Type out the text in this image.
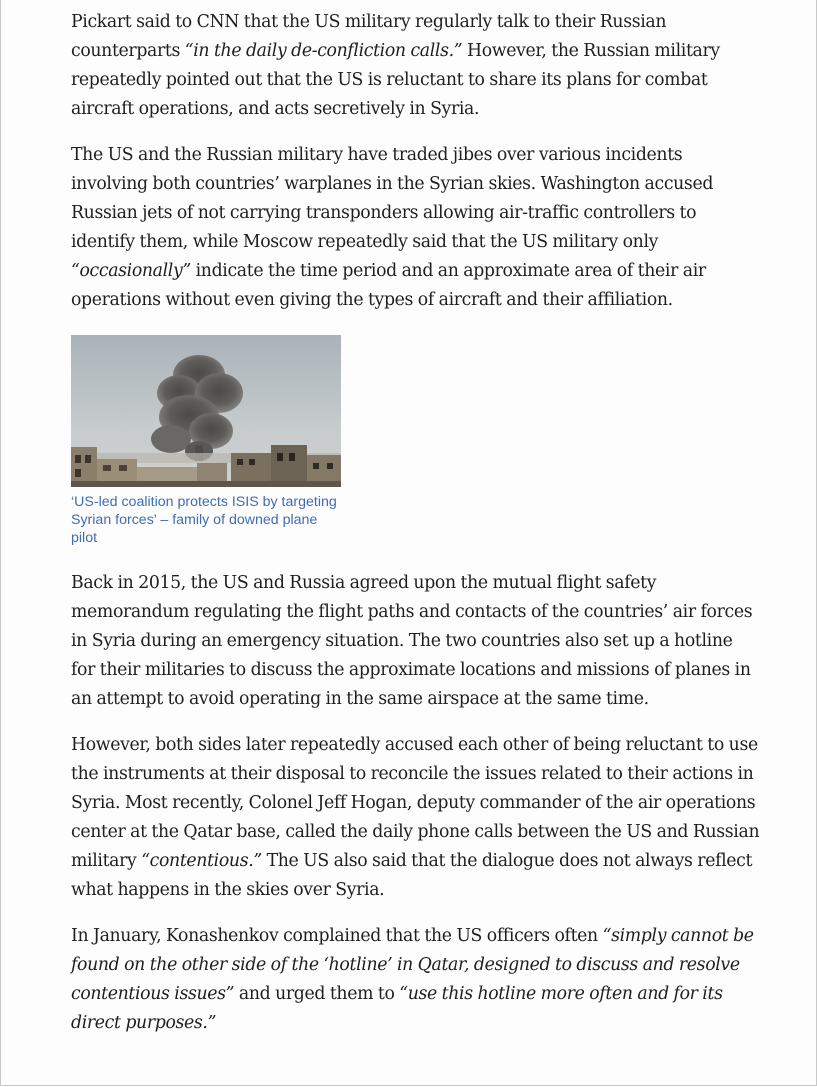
Pickart said to CNN that the US military regularly talk to their Russian counterparts “in the daily de-confliction calls.” However, the Russian military repeatedly pointed out that the US is reluctant to share its plans for combat aircraft operations, and acts secretively in Syria.

The US and the Russian military have traded jibes over various incidents involving both countries’ warplanes in the Syrian skies. Washington accused Russian jets of not carrying transponders allowing air-traffic controllers to identify them, while Moscow repeatedly said that the US military only “occasionally” indicate the time period and an approximate area of their air operations without even giving the types of aircraft and their affiliation.

‘US-led coalition protects ISIS by targeting Syrian forces’ – family of downed plane pilot

Back in 2015, the US and Russia agreed upon the mutual flight safety memorandum regulating the flight paths and contacts of the countries’ air forces in Syria during an emergency situation. The two countries also set up a hotline for their militaries to discuss the approximate locations and missions of planes in an attempt to avoid operating in the same airspace at the same time.

However, both sides later repeatedly accused each other of being reluctant to use the instruments at their disposal to reconcile the issues related to their actions in Syria. Most recently, Colonel Jeff Hogan, deputy commander of the air operations center at the Qatar base, called the daily phone calls between the US and Russian military “contentious.” The US also said that the dialogue does not always reflect what happens in the skies over Syria.

In January, Konashenkov complained that the US officers often “simply cannot be found on the other side of the ‘hotline’ in Qatar, designed to discuss and resolve contentious issues” and urged them to “use this hotline more often and for its direct purposes.”
